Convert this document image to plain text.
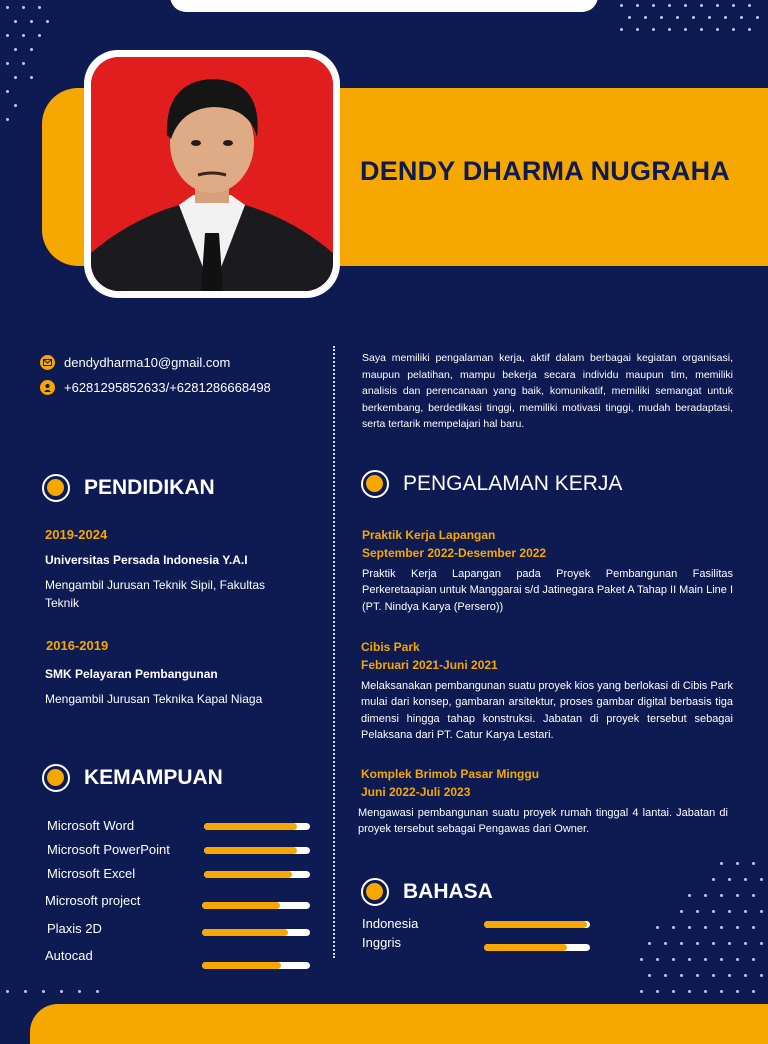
DENDY DHARMA NUGRAHA
dendydharma10@gmail.com
+6281295852633/+6281286668498
Saya memiliki pengalaman kerja, aktif dalam berbagai kegiatan organisasi, maupun pelatihan, mampu bekerja secara individu maupun tim, memiliki analisis dan perencanaan yang baik, komunikatif, memiliki semangat untuk berkembang, berdedikasi tinggi, memiliki motivasi tinggi, mudah beradaptasi, serta tertarik mempelajari hal baru.
PENDIDIKAN
2019-2024
Universitas Persada Indonesia Y.A.I
Mengambil Jurusan Teknik Sipil, Fakultas Teknik
2016-2019
SMK Pelayaran Pembangunan
Mengambil Jurusan Teknika Kapal Niaga
KEMAMPUAN
Microsoft Word
Microsoft PowerPoint
Microsoft Excel
Microsoft project
Plaxis 2D
Autocad
PENGALAMAN KERJA
Praktik Kerja Lapangan
September 2022-Desember 2022
Praktik Kerja Lapangan pada Proyek Pembangunan Fasilitas Perkeretaapian untuk Manggarai s/d Jatinegara Paket A Tahap II Main Line I (PT. Nindya Karya (Persero))
Cibis Park
Februari 2021-Juni 2021
Melaksanakan pembangunan suatu proyek kios yang berlokasi di Cibis Park mulai dari konsep, gambaran arsitektur, proses gambar digital berbasis tiga dimensi hingga tahap konstruksi. Jabatan di proyek tersebut sebagai Pelaksana dari PT. Catur Karya Lestari.
Komplek Brimob Pasar Minggu
Juni 2022-Juli 2023
Mengawasi pembangunan suatu proyek rumah tinggal 4 lantai. Jabatan di proyek tersebut sebagai Pengawas dari Owner.
BAHASA
Indonesia
Inggris
